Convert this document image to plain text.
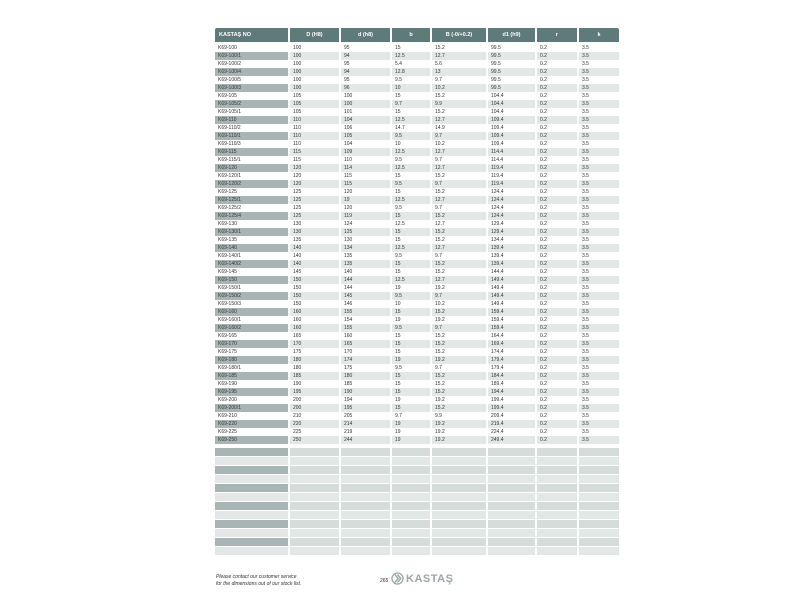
KASTAŞ NO	D (H8)	d (h8)	b	B (-0/+0.2)	d1 (h9)	r	k
K69-100	100	95	15	15.2	99.5	0.2	3.5
K69-100/1	100	94	12.5	12.7	99.5	0.2	3.5
K69-100/2	100	95	5.4	5.6	99.5	0.2	3.5
K69-100/4	100	94	12.8	13	99.5	0.2	3.5
K69-100/5	100	95	9.5	9.7	99.5	0.2	3.5
K69-100/3	100	96	10	10.2	99.5	0.2	3.5
K69-105	105	100	15	15.2	104.4	0.2	3.5
K69-105/2	105	100	9.7	9.9	104.4	0.2	3.5
K69-105/1	105	101	15	15.2	104.4	0.2	3.5
K69-110	110	104	12.5	12.7	109.4	0.2	3.5
K69-110/2	110	106	14.7	14.9	109.4	0.2	3.5
K69-110/1	110	105	9.5	9.7	109.4	0.2	3.5
K69-110/3	110	104	10	10.2	109.4	0.2	3.5
K69-115	115	109	12.5	12.7	114.4	0.2	3.5
K69-115/1	115	110	9.5	9.7	114.4	0.2	3.5
K69-120	120	114	12.5	12.7	119.4	0.2	3.5
K69-120/1	120	115	15	15.2	119.4	0.2	3.5
K69-120/2	120	115	9.5	9.7	119.4	0.2	3.5
K69-125	125	120	15	15.2	124.4	0.2	3.5
K69-125/1	125	19	12.5	12.7	124.4	0.2	3.5
K69-125/2	125	120	9.5	9.7	124.4	0.2	3.5
K69-125/4	125	119	15	15.2	124.4	0.2	3.5
K69-130	130	124	12.5	12.7	129.4	0.2	3.5
K69-130/1	130	125	15	15.2	129.4	0.2	3.5
K69-135	135	130	15	15.2	134.4	0.2	3.5
K69-140	140	134	12.5	12.7	139.4	0.2	3.5
K69-140/1	140	135	9.5	9.7	139.4	0.2	3.5
K69-140/2	140	135	15	15.2	139.4	0.2	3.5
K69-145	145	140	15	15.2	144.4	0.2	3.5
K69-150	150	144	12.5	12.7	149.4	0.2	3.5
K69-150/1	150	144	19	19.2	149.4	0.2	3.5
K69-150/2	150	145	9.5	9.7	149.4	0.2	3.5
K69-150/3	150	146	10	10.2	149.4	0.2	3.5
K69-160	160	155	15	15.2	159.4	0.2	3.5
K69-160/1	160	154	19	19.2	159.4	0.2	3.5
K69-160/2	160	155	9.5	9.7	159.4	0.2	3.5
K69-165	165	160	15	15.2	164.4	0.2	3.5
K69-170	170	165	15	15.2	169.4	0.2	3.5
K69-175	175	170	15	15.2	174.4	0.2	3.5
K69-180	180	174	19	19.2	179.4	0.2	3.5
K69-180/1	180	175	9.5	9.7	179.4	0.2	3.5
K69-185	185	180	15	15.2	184.4	0.2	3.5
K69-190	190	185	15	15.2	189.4	0.2	3.5
K69-195	195	190	15	15.2	194.4	0.2	3.5
K69-200	200	194	19	19.2	199.4	0.2	3.5
K69-200/1	200	195	15	15.2	199.4	0.2	3.5
K69-210	210	205	9.7	9.9	209.4	0.2	3.5
K69-220	220	214	19	19.2	219.4	0.2	3.5
K69-225	225	219	19	19.2	224.4	0.2	3.5
K69-250	250	244	19	19.2	249.4	0.2	3.5
Please contact our customer service
for the dimensions out of our stock list.	265 KASTAŞ
